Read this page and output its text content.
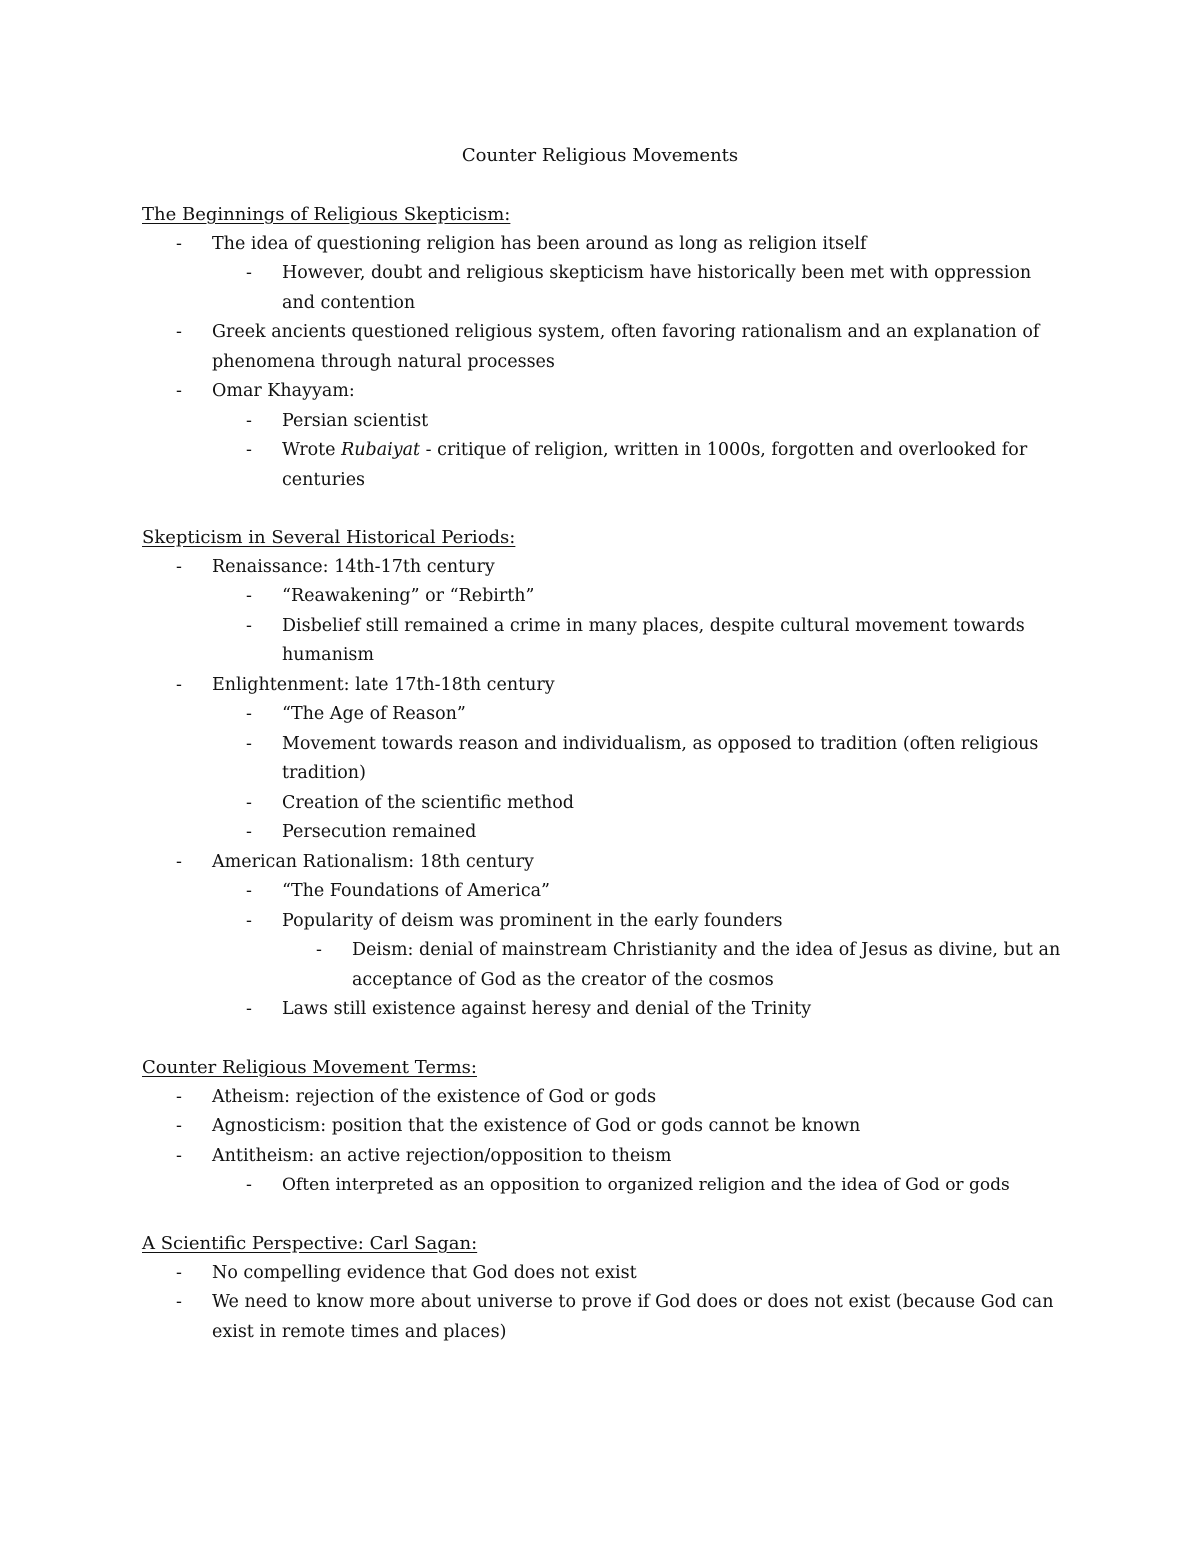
Counter Religious Movements
The Beginnings of Religious Skepticism:
- The idea of questioning religion has been around as long as religion itself
- However, doubt and religious skepticism have historically been met with oppression and contention
- Greek ancients questioned religious system, often favoring rationalism and an explanation of phenomena through natural processes
- Omar Khayyam:
- Persian scientist
- Wrote Rubaiyat - critique of religion, written in 1000s, forgotten and overlooked for centuries
Skepticism in Several Historical Periods:
- Renaissance: 14th-17th century
- “Reawakening” or “Rebirth”
- Disbelief still remained a crime in many places, despite cultural movement towards humanism
- Enlightenment: late 17th-18th century
- “The Age of Reason”
- Movement towards reason and individualism, as opposed to tradition (often religious tradition)
- Creation of the scientific method
- Persecution remained
- American Rationalism: 18th century
- “The Foundations of America”
- Popularity of deism was prominent in the early founders
- Deism: denial of mainstream Christianity and the idea of Jesus as divine, but an acceptance of God as the creator of the cosmos
- Laws still existence against heresy and denial of the Trinity
Counter Religious Movement Terms:
- Atheism: rejection of the existence of God or gods
- Agnosticism: position that the existence of God or gods cannot be known
- Antitheism: an active rejection/opposition to theism
- Often interpreted as an opposition to organized religion and the idea of God or gods
A Scientific Perspective: Carl Sagan:
- No compelling evidence that God does not exist
- We need to know more about universe to prove if God does or does not exist (because God can exist in remote times and places)
